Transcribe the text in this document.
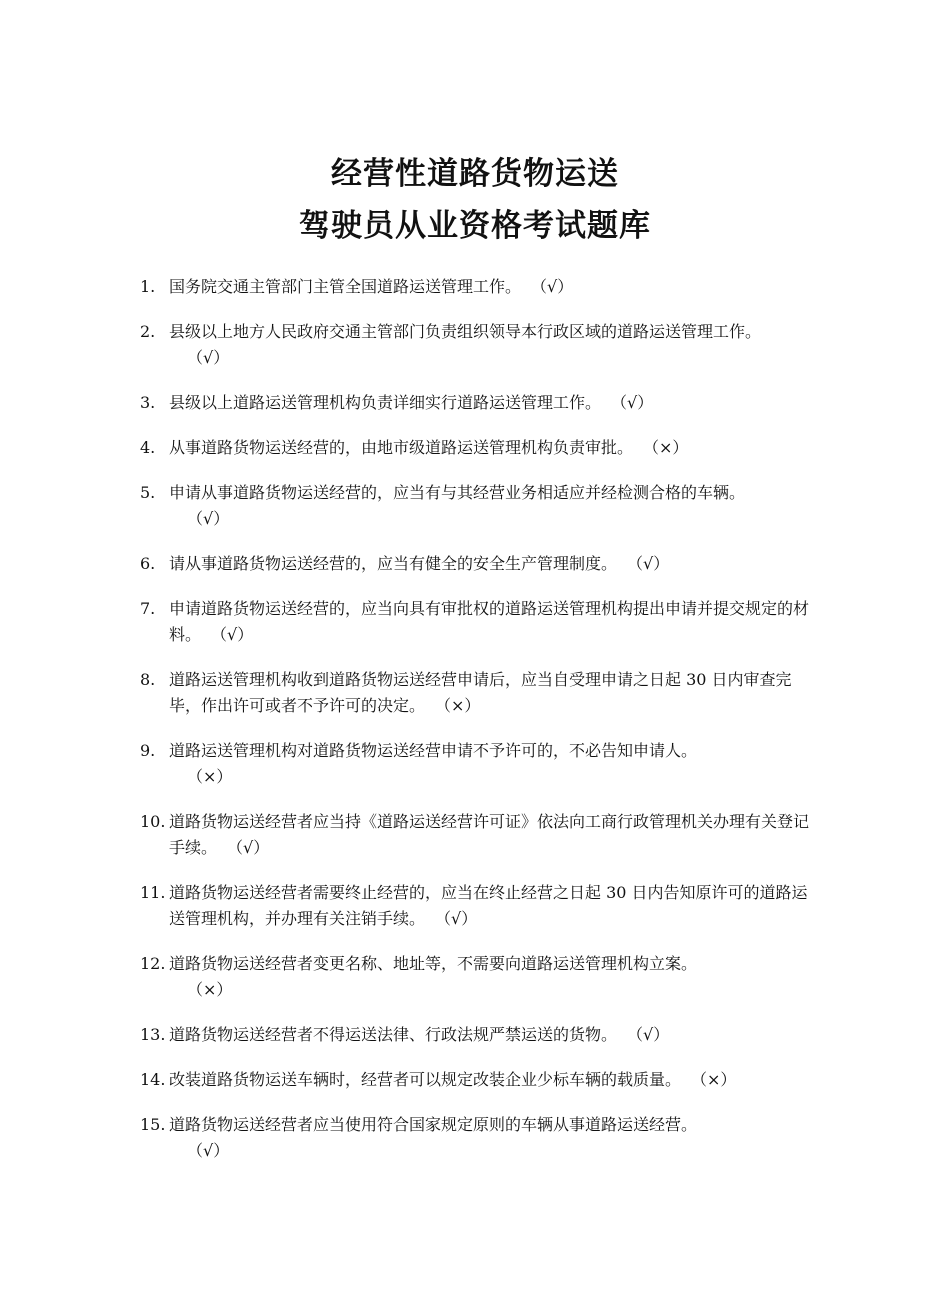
经营性道路货物运送
驾驶员从业资格考试题库
1. 国务院交通主管部门主管全国道路运送管理工作。 （√）
2. 县级以上地方人民政府交通主管部门负责组织领导本行政区域的道路运送管理工作。
（√）
3. 县级以上道路运送管理机构负责详细实行道路运送管理工作。 （√）
4. 从事道路货物运送经营的，由地市级道路运送管理机构负责审批。 （×）
5. 申请从事道路货物运送经营的，应当有与其经营业务相适应并经检测合格的车辆。
（√）
6. 请从事道路货物运送经营的，应当有健全的安全生产管理制度。 （√）
7. 申请道路货物运送经营的，应当向具有审批权的道路运送管理机构提出申请并提交规定的材料。 （√）
8. 道路运送管理机构收到道路货物运送经营申请后，应当自受理申请之日起 30 日内审查完毕，作出许可或者不予许可的决定。 （×）
9. 道路运送管理机构对道路货物运送经营申请不予许可的，不必告知申请人。
（×）
10. 道路货物运送经营者应当持《道路运送经营许可证》依法向工商行政管理机关办理有关登记手续。 （√）
11. 道路货物运送经营者需要终止经营的，应当在终止经营之日起 30 日内告知原许可的道路运送管理机构，并办理有关注销手续。 （√）
12. 道路货物运送经营者变更名称、地址等，不需要向道路运送管理机构立案。
（×）
13. 道路货物运送经营者不得运送法律、行政法规严禁运送的货物。 （√）
14. 改装道路货物运送车辆时，经营者可以规定改装企业少标车辆的载质量。 （×）
15. 道路货物运送经营者应当使用符合国家规定原则的车辆从事道路运送经营。
（√）
